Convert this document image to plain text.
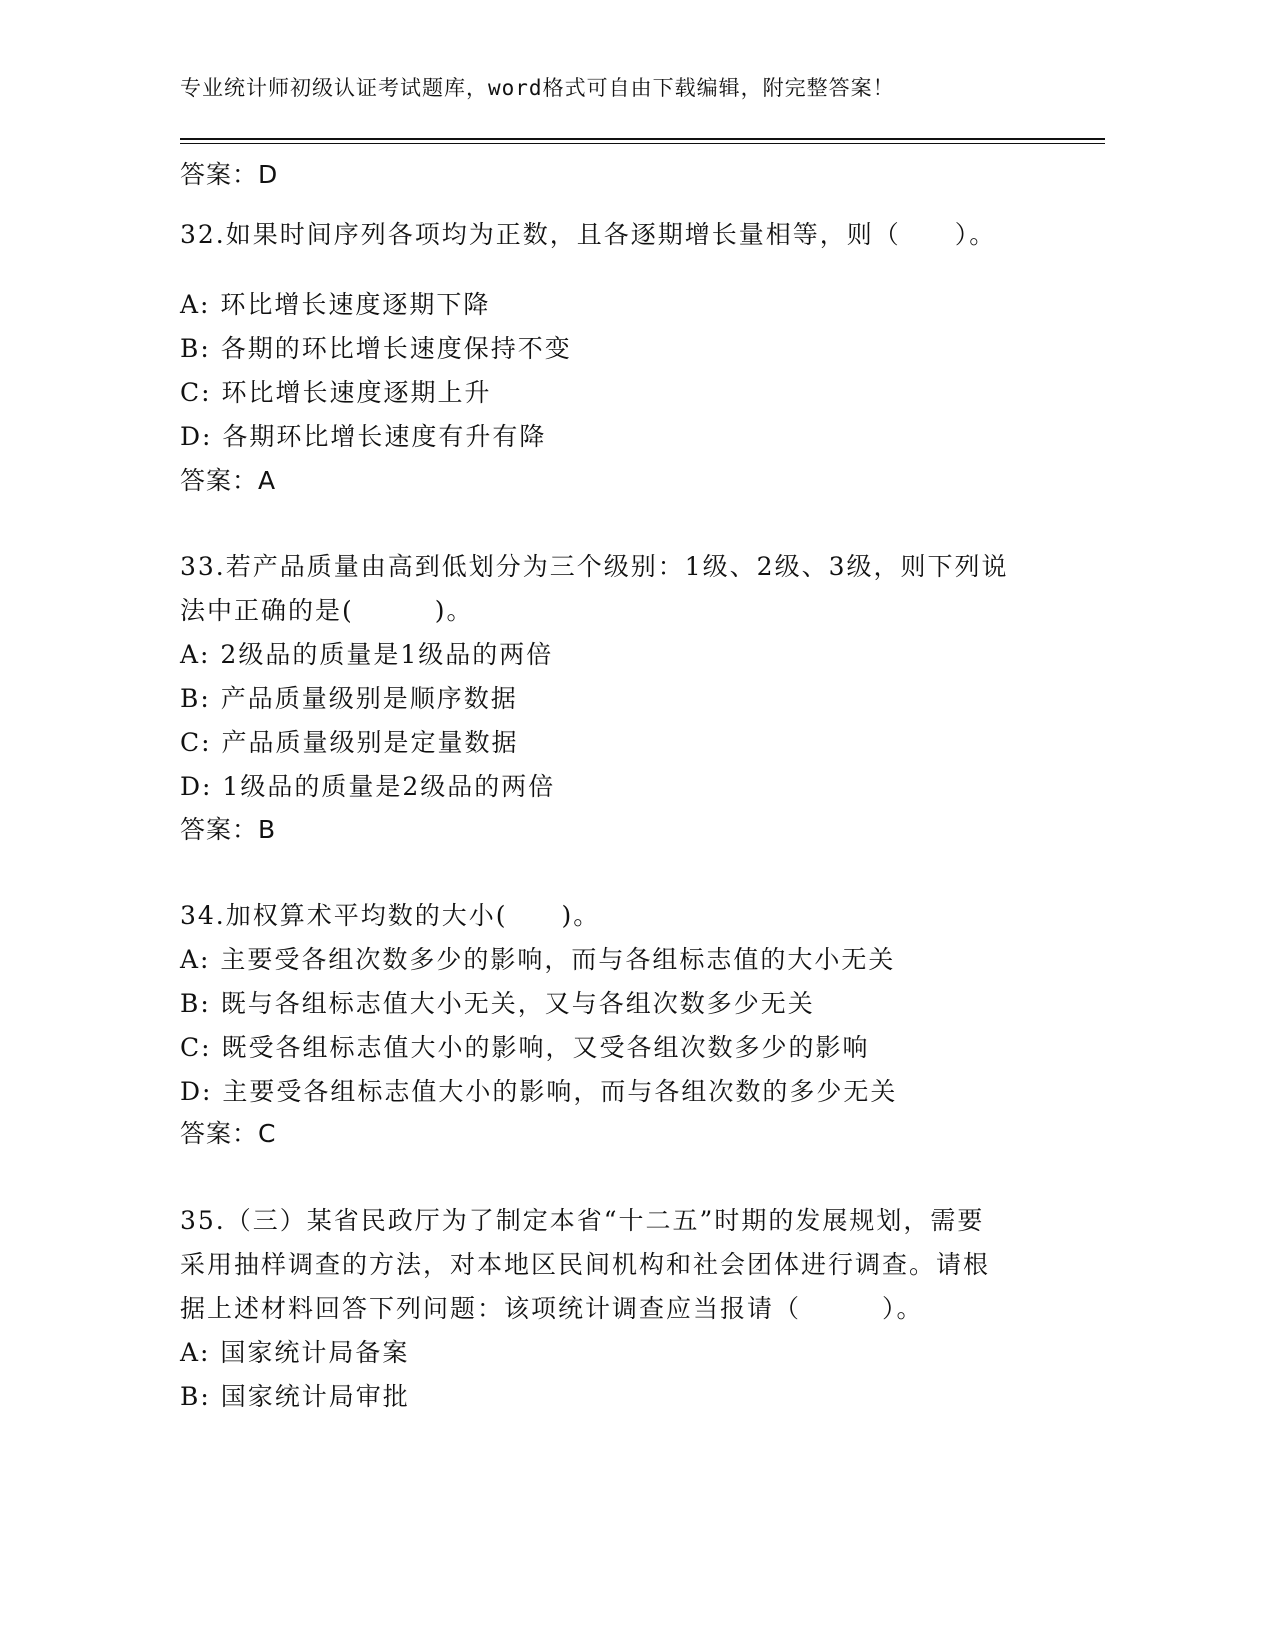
专业统计师初级认证考试题库，word格式可自由下载编辑，附完整答案！
答案：D
32.如果时间序列各项均为正数，且各逐期增长量相等，则（　　）。
A: 环比增长速度逐期下降
B: 各期的环比增长速度保持不变
C: 环比增长速度逐期上升
D: 各期环比增长速度有升有降
答案：A
33.若产品质量由高到低划分为三个级别：1级、2级、3级，则下列说
法中正确的是(　　　)。
A: 2级品的质量是1级品的两倍
B: 产品质量级别是顺序数据
C: 产品质量级别是定量数据
D: 1级品的质量是2级品的两倍
答案：B
34.加权算术平均数的大小(　　)。
A: 主要受各组次数多少的影响，而与各组标志值的大小无关
B: 既与各组标志值大小无关，又与各组次数多少无关
C: 既受各组标志值大小的影响，又受各组次数多少的影响
D: 主要受各组标志值大小的影响，而与各组次数的多少无关
答案：C
35.（三）某省民政厅为了制定本省“十二五”时期的发展规划，需要
采用抽样调查的方法，对本地区民间机构和社会团体进行调查。请根
据上述材料回答下列问题：该项统计调查应当报请（　　　）。
A: 国家统计局备案
B: 国家统计局审批
